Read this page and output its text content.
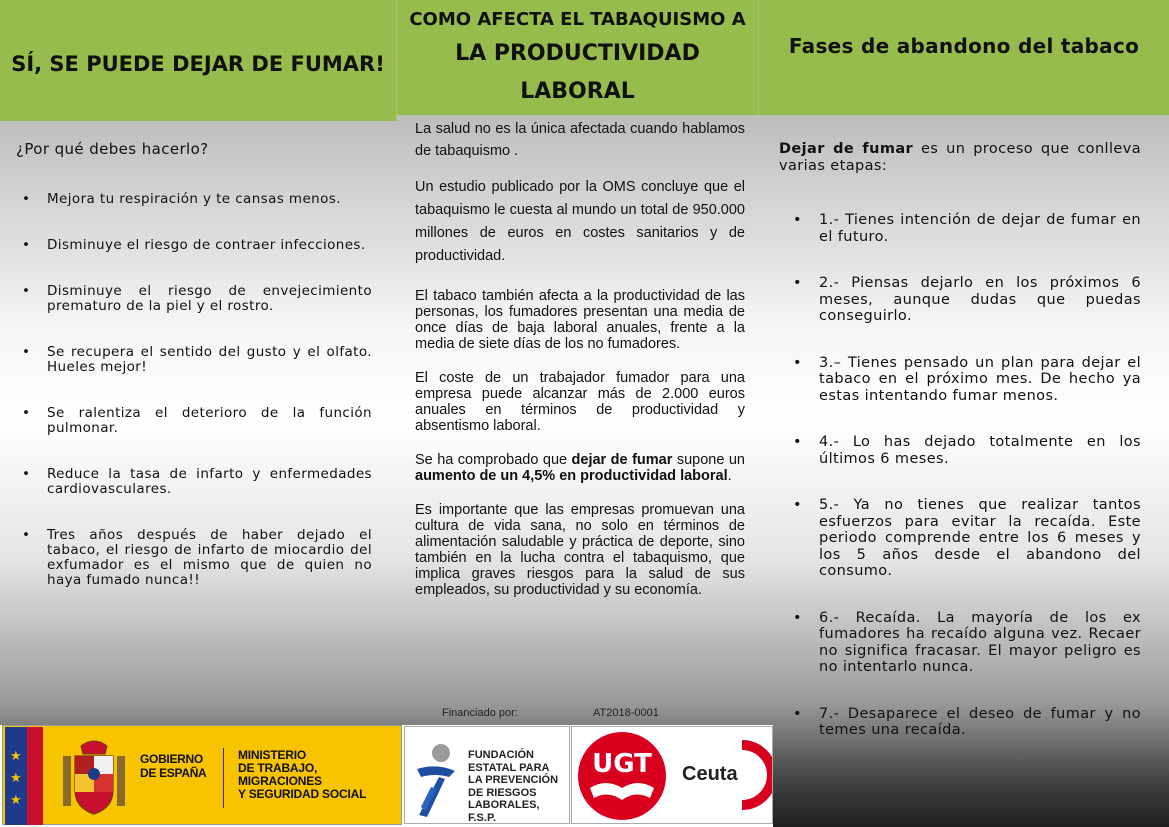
SÍ, SE PUEDE DEJAR DE FUMAR!

¿Por qué debes hacerlo?

• Mejora tu respiración y te cansas menos.
• Disminuye el riesgo de contraer infecciones.
• Disminuye el riesgo de envejecimiento prematuro de la piel y el rostro.
• Se recupera el sentido del gusto y el olfato. Hueles mejor!
• Se ralentiza el deterioro de la función pulmonar.
• Reduce la tasa de infarto y enfermedades cardiovasculares.
• Tres años después de haber dejado el tabaco, el riesgo de infarto de miocardio del exfumador es el mismo que de quien no haya fumado nunca!!
COMO AFECTA EL TABAQUISMO A
LA PRODUCTIVIDAD
LABORAL

La salud no es la única afectada cuando hablamos de tabaquismo .

Un estudio publicado por la OMS concluye que el tabaquismo le cuesta al mundo un total de 950.000 millones de euros en costes sanitarios y de productividad.

El tabaco también afecta a la productividad de las personas, los fumadores presentan una media de once días de baja laboral anuales, frente a la media de siete días de los no fumadores.

El coste de un trabajador fumador para una empresa puede alcanzar más de 2.000 euros anuales en términos de productividad y absentismo laboral.

Se ha comprobado que dejar de fumar supone un aumento de un 4,5% en productividad laboral.

Es importante que las empresas promuevan una cultura de vida sana, no solo en términos de alimentación saludable y práctica de deporte, sino también en la lucha contra el tabaquismo, que implica graves riesgos para la salud de sus empleados, su productividad y su economía.

Financiado por:	AT2018-0001
Fases de abandono del tabaco

Dejar de fumar es un proceso que conlleva varias etapas:

• 1.- Tienes intención de dejar de fumar en el futuro.
• 2.- Piensas dejarlo en los próximos 6 meses, aunque dudas que puedas conseguirlo.
• 3.– Tienes pensado un plan para dejar el tabaco en el próximo mes. De hecho ya estas intentando fumar menos.
• 4.- Lo has dejado totalmente en los últimos 6 meses.
• 5.- Ya no tienes que realizar tantos esfuerzos para evitar la recaída. Este periodo comprende entre los 6 meses y los 5 años desde el abandono del consumo.
• 6.- Recaída. La mayoría de los ex fumadores ha recaído alguna vez. Recaer no significa fracasar. El mayor peligro es no intentarlo nunca.
• 7.- Desaparece el deseo de fumar y no temes una recaída.
★
★
★
GOBIERNO
DE ESPAÑA
MINISTERIO
DE TRABAJO, MIGRACIONES
Y SEGURIDAD SOCIAL
FUNDACIÓN
ESTATAL PARA
LA PREVENCIÓN
DE RIESGOS
LABORALES, F.S.P.
UGT Ceuta
